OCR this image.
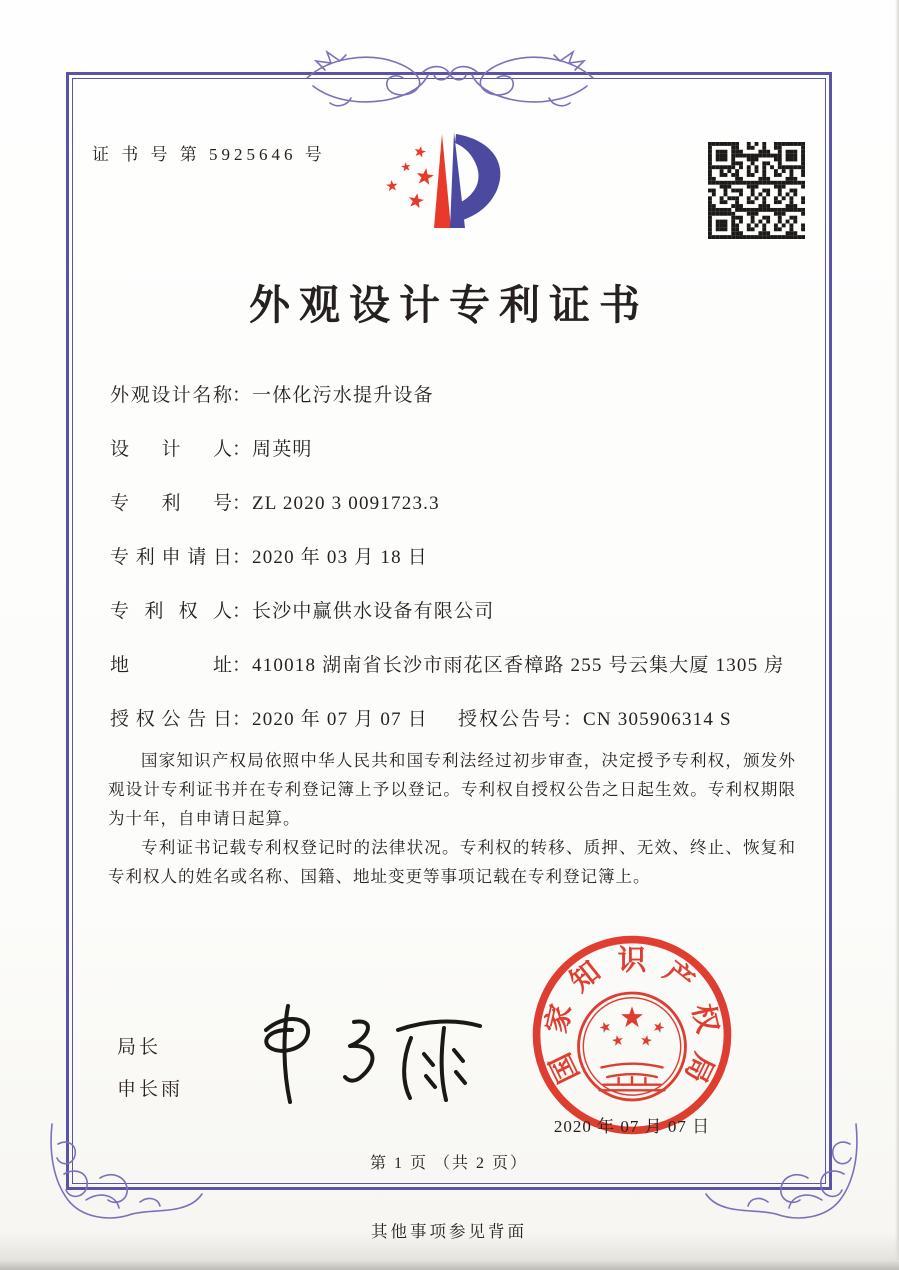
证 书 号 第 5925646 号
外观设计专利证书
外观设计名称：一体化污水提升设备
设计人：周英明
专利号：ZL 2020 3 0091723.3
专利申请日：2020 年 03 月 18 日
专利权人：长沙中赢供水设备有限公司
地址：410018 湖南省长沙市雨花区香樟路 255 号云集大厦 1305 房
授权公告日：2020 年 07 月 07 日 授权公告号：CN 305906314 S

国家知识产权局依照中华人民共和国专利法经过初步审查，决定授予专利权，颁发外观设计专利证书并在专利登记簿上予以登记。专利权自授权公告之日起生效。专利权期限为十年，自申请日起算。

专利证书记载专利权登记时的法律状况。专利权的转移、质押、无效、终止、恢复和专利权人的姓名或名称、国籍、地址变更等事项记载在专利登记簿上。

局长
申长雨
国
家
知 识 产
权
局
2020 年 07 月 07 日
第 1 页 （共 2 页）
其他事项参见背面
